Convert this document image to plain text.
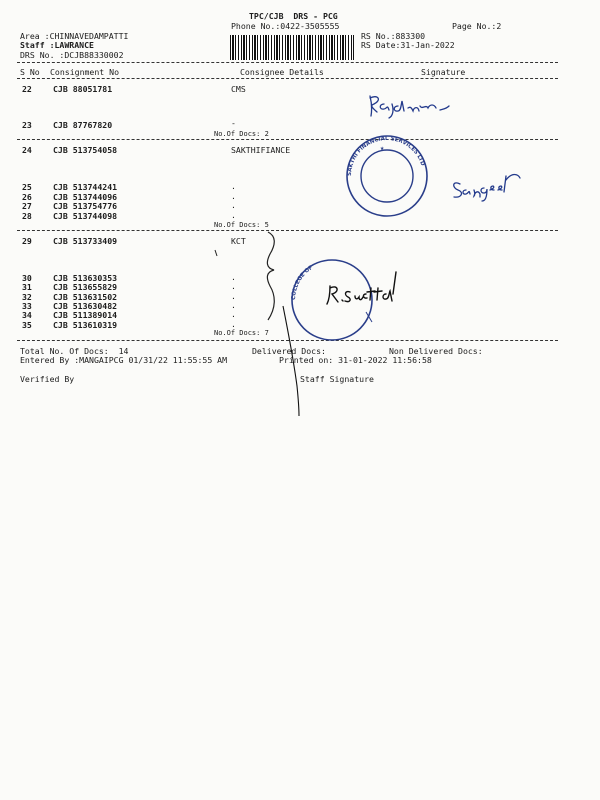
TPC/CJB  DRS - PCG
Phone No.:0422-3505555	Page No.:2
Area :CHINNAVEDAMPATTI
Staff :LAWRANCE
DRS No. :DCJB88330002
RS No.:883300
RS Date:31-Jan-2022
S No Consignment No	Consignee Details	Signature
22	CJB 88051781	CMS
23	CJB 87767820	-
No.Of Docs: 2
24	CJB 513754058	SAKTHIFIANCE
25	CJB 513744241	.
26	CJB 513744096	.
27	CJB 513754776	.
28	CJB 513744098	.
No.Of Docs: 5
29	CJB 513733409	KCT
30	CJB 513630353	.
31	CJB 513655829	.
32	CJB 513631502	.
33	CJB 513630482	.
34	CJB 511389014	.
35	CJB 513610319	.
No.Of Docs: 7
Total No. Of Docs:  14	Delivered Docs:	Non Delivered Docs:
Entered By :MANGAIPCG 01/31/22 11:55:55 AM	Printed on: 31-01-2022 11:56:58
Verified By	Staff Signature
SAKTHI FINANCIAL SERVICES LTD
★
COLLEGE OF
